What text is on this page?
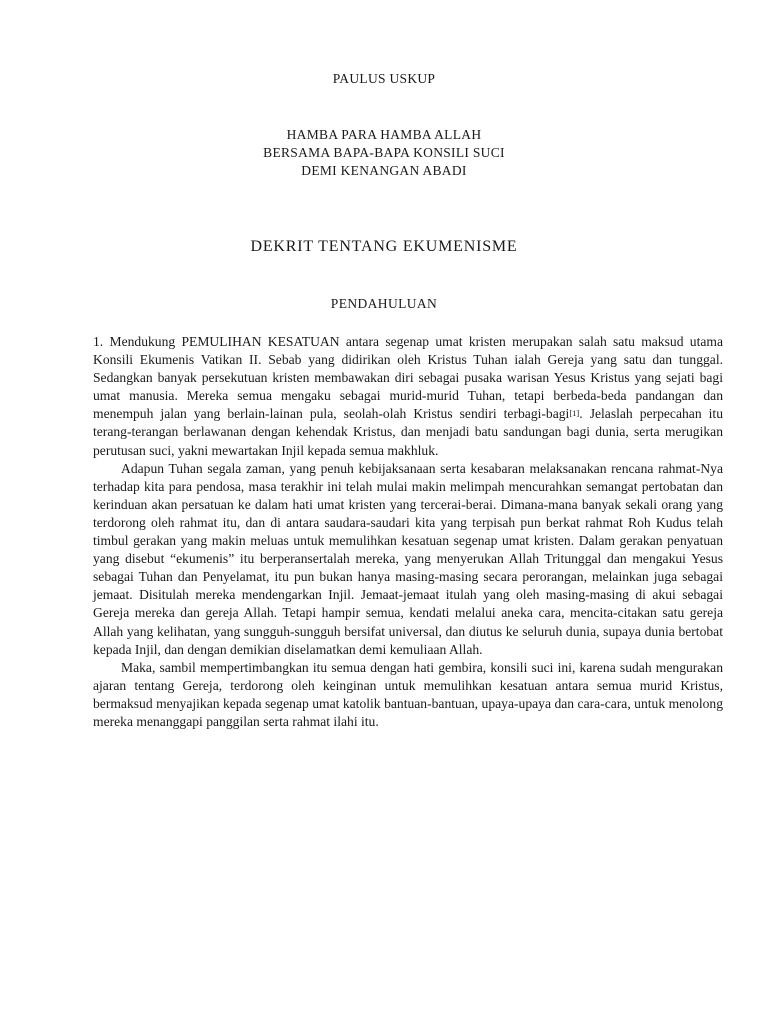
PAULUS USKUP
HAMBA PARA HAMBA ALLAH
BERSAMA BAPA-BAPA KONSILI SUCI
DEMI KENANGAN ABADI
DEKRIT TENTANG EKUMENISME
PENDAHULUAN

1. Mendukung PEMULIHAN KESATUAN antara segenap umat kristen merupakan salah satu maksud utama Konsili Ekumenis Vatikan II. Sebab yang didirikan oleh Kristus Tuhan ialah Gereja yang satu dan tunggal. Sedangkan banyak persekutuan kristen membawakan diri sebagai pusaka warisan Yesus Kristus yang sejati bagi umat manusia. Mereka semua mengaku sebagai murid-murid Tuhan, tetapi berbeda-beda pandangan dan menempuh jalan yang berlain-lainan pula, seolah-olah Kristus sendiri terbagi-bagi[1]. Jelaslah perpecahan itu terang-terangan berlawanan dengan kehendak Kristus, dan menjadi batu sandungan bagi dunia, serta merugikan perutusan suci, yakni mewartakan Injil kepada semua makhluk.

Adapun Tuhan segala zaman, yang penuh kebijaksanaan serta kesabaran melaksanakan rencana rahmat-Nya terhadap kita para pendosa, masa terakhir ini telah mulai makin melimpah mencurahkan semangat pertobatan dan kerinduan akan persatuan ke dalam hati umat kristen yang tercerai-berai. Dimana-mana banyak sekali orang yang terdorong oleh rahmat itu, dan di antara saudara-saudari kita yang terpisah pun berkat rahmat Roh Kudus telah timbul gerakan yang makin meluas untuk memulihkan kesatuan segenap umat kristen. Dalam gerakan penyatuan yang disebut “ekumenis” itu berperansertalah mereka, yang menyerukan Allah Tritunggal dan mengakui Yesus sebagai Tuhan dan Penyelamat, itu pun bukan hanya masing-masing secara perorangan, melainkan juga sebagai jemaat. Disitulah mereka mendengarkan Injil. Jemaat-jemaat itulah yang oleh masing-masing di akui sebagai Gereja mereka dan gereja Allah. Tetapi hampir semua, kendati melalui aneka cara, mencita-citakan satu gereja Allah yang kelihatan, yang sungguh-sungguh bersifat universal, dan diutus ke seluruh dunia, supaya dunia bertobat kepada Injil, dan dengan demikian diselamatkan demi kemuliaan Allah.

Maka, sambil mempertimbangkan itu semua dengan hati gembira, konsili suci ini, karena sudah mengurakan ajaran tentang Gereja, terdorong oleh keinginan untuk memulihkan kesatuan antara semua murid Kristus, bermaksud menyajikan kepada segenap umat katolik bantuan-bantuan, upaya-upaya dan cara-cara, untuk menolong mereka menanggapi panggilan serta rahmat ilahi itu.
